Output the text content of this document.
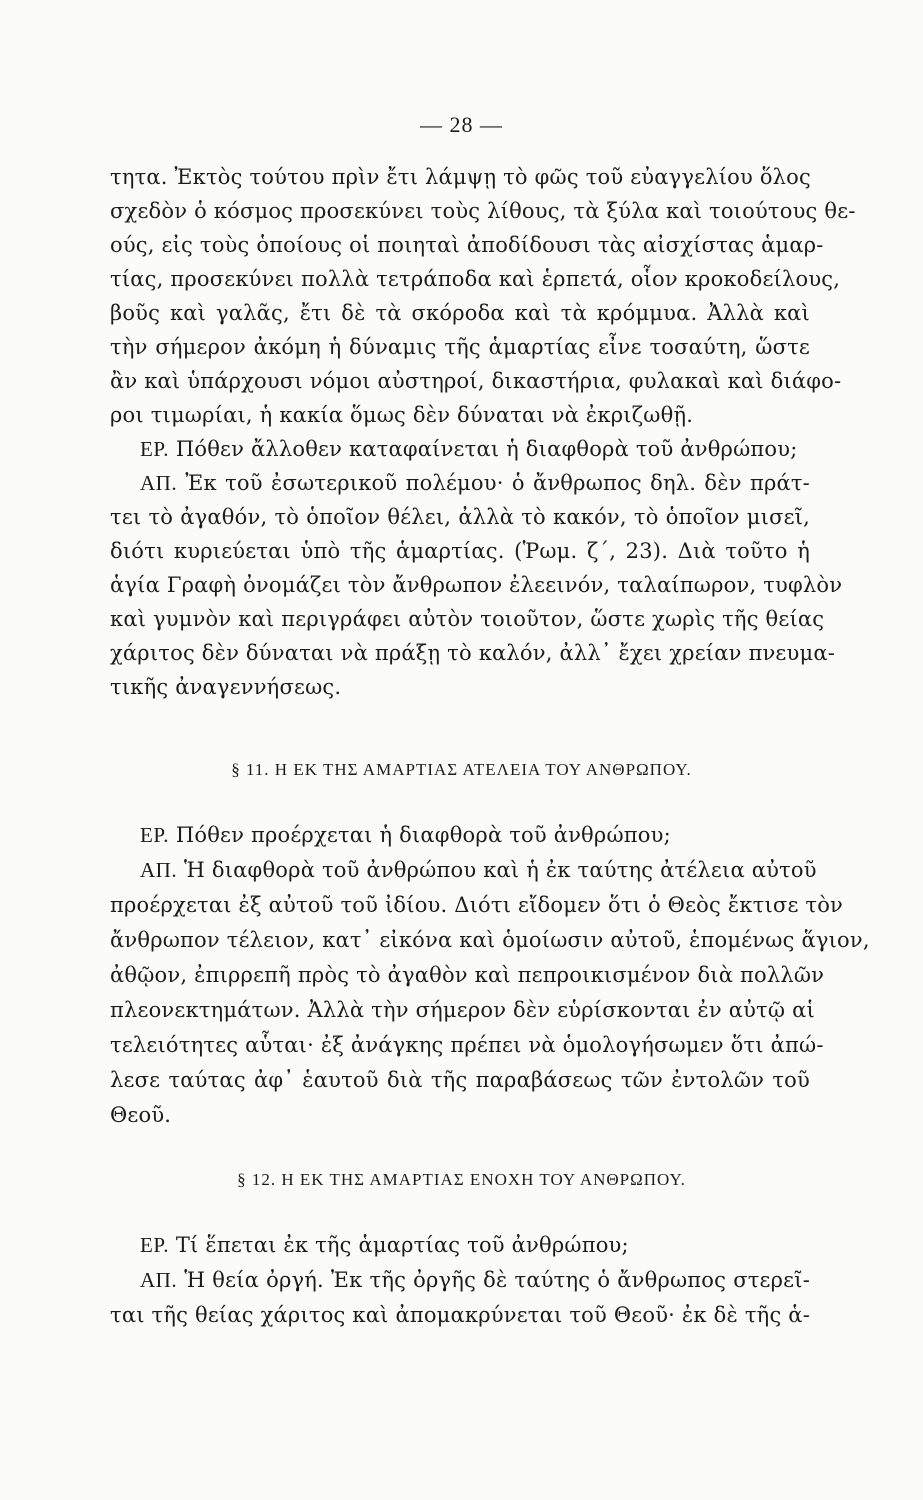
— 28 —
τητα. Ἐκτὸς τούτου πρὶν ἔτι λάμψῃ τὸ φῶς τοῦ εὐαγγελίου ὅλος
σχεδὸν ὁ κόσμος προσεκύνει τοὺς λίθους, τὰ ξύλα καὶ τοιούτους θε-
ούς, εἰς τοὺς ὁποίους οἱ ποιηταὶ ἀποδίδουσι τὰς αἰσχίστας ἁμαρ-
τίας, προσεκύνει πολλὰ τετράποδα καὶ ἑρπετά, οἷον κροκοδείλους,
βοῦς καὶ γαλᾶς, ἔτι δὲ τὰ σκόροδα καὶ τὰ κρόμμυα. Ἀλλὰ καὶ
τὴν σήμερον ἀκόμη ἡ δύναμις τῆς ἁμαρτίας εἶνε τοσαύτη, ὥστε
ἂν καὶ ὑπάρχουσι νόμοι αὐστηροί, δικαστήρια, φυλακαὶ καὶ διάφο-
ροι τιμωρίαι, ἡ κακία ὅμως δὲν δύναται νὰ ἐκριζωθῇ.
ΕΡ. Πόθεν ἄλλοθεν καταφαίνεται ἡ διαφθορὰ τοῦ ἀνθρώπου;
ΑΠ. Ἐκ τοῦ ἐσωτερικοῦ πολέμου· ὁ ἄνθρωπος δηλ. δὲν πράτ-
τει τὸ ἀγαθόν, τὸ ὁποῖον θέλει, ἀλλὰ τὸ κακόν, τὸ ὁποῖον μισεῖ,
διότι κυριεύεται ὑπὸ τῆς ἁμαρτίας. (Ῥωμ. ζ΄, 23). Διὰ τοῦτο ἡ
ἁγία Γραφὴ ὀνομάζει τὸν ἄνθρωπον ἐλεεινόν, ταλαίπωρον, τυφλὸν
καὶ γυμνὸν καὶ περιγράφει αὐτὸν τοιοῦτον, ὥστε χωρὶς τῆς θείας
χάριτος δὲν δύναται νὰ πράξῃ τὸ καλόν, ἀλλ᾽ ἔχει χρείαν πνευμα-
τικῆς ἀναγεννήσεως.
§ 11. Η ΕΚ ΤΗΣ ΑΜΑΡΤΙΑΣ ΑΤΕΛΕΙΑ ΤΟΥ ΑΝΘΡΩΠΟΥ.
ΕΡ. Πόθεν προέρχεται ἡ διαφθορὰ τοῦ ἀνθρώπου;
ΑΠ. Ἡ διαφθορὰ τοῦ ἀνθρώπου καὶ ἡ ἐκ ταύτης ἀτέλεια αὐτοῦ
προέρχεται ἐξ αὐτοῦ τοῦ ἰδίου. Διότι εἴδομεν ὅτι ὁ Θεὸς ἔκτισε τὸν
ἄνθρωπον τέλειον, κατ᾽ εἰκόνα καὶ ὁμοίωσιν αὐτοῦ, ἑπομένως ἅγιον,
ἀθῷον, ἐπιρρεπῆ πρὸς τὸ ἀγαθὸν καὶ πεπροικισμένον διὰ πολλῶν
πλεονεκτημάτων. Ἀλλὰ τὴν σήμερον δὲν εὑρίσκονται ἐν αὐτῷ αἱ
τελειότητες αὗται· ἐξ ἀνάγκης πρέπει νὰ ὁμολογήσωμεν ὅτι ἀπώ-
λεσε ταύτας ἀφ᾽ ἑαυτοῦ διὰ τῆς παραβάσεως τῶν ἐντολῶν τοῦ
Θεοῦ.
§ 12. Η ΕΚ ΤΗΣ ΑΜΑΡΤΙΑΣ ΕΝΟΧΗ ΤΟΥ ΑΝΘΡΩΠΟΥ.
ΕΡ. Τί ἕπεται ἐκ τῆς ἁμαρτίας τοῦ ἀνθρώπου;
ΑΠ. Ἡ θεία ὀργή. Ἐκ τῆς ὀργῆς δὲ ταύτης ὁ ἄνθρωπος στερεῖ-
ται τῆς θείας χάριτος καὶ ἀπομακρύνεται τοῦ Θεοῦ· ἐκ δὲ τῆς ἁ-
